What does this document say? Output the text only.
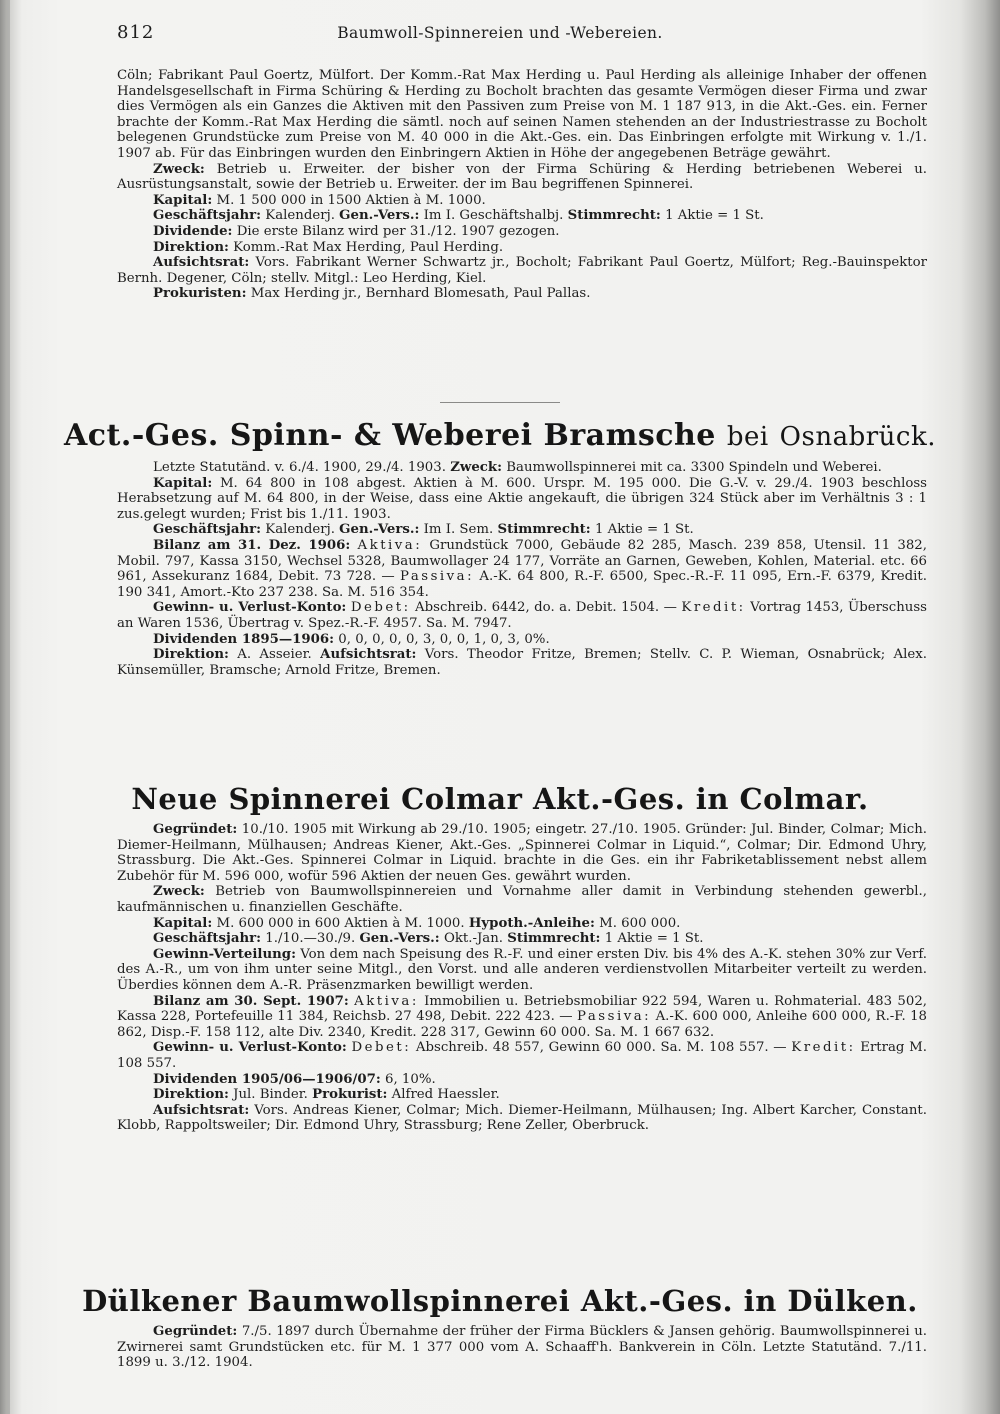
812	Baumwoll-Spinnereien und -Webereien.

Cöln; Fabrikant Paul Goertz, Mülfort. Der Komm.-Rat Max Herding u. Paul Herding als alleinige Inhaber der offenen Handelsgesellschaft in Firma Schüring & Herding zu Bocholt brachten das gesamte Vermögen dieser Firma und zwar dies Vermögen als ein Ganzes die Aktiven mit den Passiven zum Preise von M. 1 187 913, in die Akt.-Ges. ein. Ferner brachte der Komm.-Rat Max Herding die sämtl. noch auf seinen Namen stehenden an der Industriestrasse zu Bocholt belegenen Grundstücke zum Preise von M. 40 000 in die Akt.-Ges. ein. Das Einbringen erfolgte mit Wirkung v. 1./1. 1907 ab. Für das Einbringen wurden den Einbringern Aktien in Höhe der angegebenen Beträge gewährt.

Zweck: Betrieb u. Erweiter. der bisher von der Firma Schüring & Herding betriebenen Weberei u. Ausrüstungsanstalt, sowie der Betrieb u. Erweiter. der im Bau begriffenen Spinnerei.

Kapital: M. 1 500 000 in 1500 Aktien à M. 1000.

Geschäftsjahr: Kalenderj. Gen.-Vers.: Im I. Geschäftshalbj. Stimmrecht: 1 Aktie = 1 St.

Dividende: Die erste Bilanz wird per 31./12. 1907 gezogen.

Direktion: Komm.-Rat Max Herding, Paul Herding.

Aufsichtsrat: Vors. Fabrikant Werner Schwartz jr., Bocholt; Fabrikant Paul Goertz, Mülfort; Reg.-Bauinspektor Bernh. Degener, Cöln; stellv. Mitgl.: Leo Herding, Kiel.

Prokuristen: Max Herding jr., Bernhard Blomesath, Paul Pallas.

Act.-Ges. Spinn- & Weberei Bramsche bei Osnabrück.

Letzte Statutänd. v. 6./4. 1900, 29./4. 1903. Zweck: Baumwollspinnerei mit ca. 3300 Spindeln und Weberei.

Kapital: M. 64 800 in 108 abgest. Aktien à M. 600. Urspr. M. 195 000. Die G.-V. v. 29./4. 1903 beschloss Herabsetzung auf M. 64 800, in der Weise, dass eine Aktie angekauft, die übrigen 324 Stück aber im Verhältnis 3 : 1 zus.gelegt wurden; Frist bis 1./11. 1903.

Geschäftsjahr: Kalenderj. Gen.-Vers.: Im I. Sem. Stimmrecht: 1 Aktie = 1 St.

Bilanz am 31. Dez. 1906: Aktiva: Grundstück 7000, Gebäude 82 285, Masch. 239 858, Utensil. 11 382, Mobil. 797, Kassa 3150, Wechsel 5328, Baumwollager 24 177, Vorräte an Garnen, Geweben, Kohlen, Material. etc. 66 961, Assekuranz 1684, Debit. 73 728. — Passiva: A.-K. 64 800, R.-F. 6500, Spec.-R.-F. 11 095, Ern.-F. 6379, Kredit. 190 341, Amort.-Kto 237 238. Sa. M. 516 354.

Gewinn- u. Verlust-Konto: Debet: Abschreib. 6442, do. a. Debit. 1504. — Kredit: Vortrag 1453, Überschuss an Waren 1536, Übertrag v. Spez.-R.-F. 4957. Sa. M. 7947.

Dividenden 1895—1906: 0, 0, 0, 0, 0, 3, 0, 0, 1, 0, 3, 0%.

Direktion: A. Asseier. Aufsichtsrat: Vors. Theodor Fritze, Bremen; Stellv. C. P. Wieman, Osnabrück; Alex. Künsemüller, Bramsche; Arnold Fritze, Bremen.

Neue Spinnerei Colmar Akt.-Ges. in Colmar.

Gegründet: 10./10. 1905 mit Wirkung ab 29./10. 1905; eingetr. 27./10. 1905. Gründer: Jul. Binder, Colmar; Mich. Diemer-Heilmann, Mülhausen; Andreas Kiener, Akt.-Ges. „Spinnerei Colmar in Liquid.“, Colmar; Dir. Edmond Uhry, Strassburg. Die Akt.-Ges. Spinnerei Colmar in Liquid. brachte in die Ges. ein ihr Fabriketablissement nebst allem Zubehör für M. 596 000, wofür 596 Aktien der neuen Ges. gewährt wurden.

Zweck: Betrieb von Baumwollspinnereien und Vornahme aller damit in Verbindung stehenden gewerbl., kaufmännischen u. finanziellen Geschäfte.

Kapital: M. 600 000 in 600 Aktien à M. 1000. Hypoth.-Anleihe: M. 600 000.

Geschäftsjahr: 1./10.—30./9. Gen.-Vers.: Okt.-Jan. Stimmrecht: 1 Aktie = 1 St.

Gewinn-Verteilung: Von dem nach Speisung des R.-F. und einer ersten Div. bis 4% des A.-K. stehen 30% zur Verf. des A.-R., um von ihm unter seine Mitgl., den Vorst. und alle anderen verdienstvollen Mitarbeiter verteilt zu werden. Überdies können dem A.-R. Präsenzmarken bewilligt werden.

Bilanz am 30. Sept. 1907: Aktiva: Immobilien u. Betriebsmobiliar 922 594, Waren u. Rohmaterial. 483 502, Kassa 228, Portefeuille 11 384, Reichsb. 27 498, Debit. 222 423. — Passiva: A.-K. 600 000, Anleihe 600 000, R.-F. 18 862, Disp.-F. 158 112, alte Div. 2340, Kredit. 228 317, Gewinn 60 000. Sa. M. 1 667 632.

Gewinn- u. Verlust-Konto: Debet: Abschreib. 48 557, Gewinn 60 000. Sa. M. 108 557. — Kredit: Ertrag M. 108 557.

Dividenden 1905/06—1906/07: 6, 10%.

Direktion: Jul. Binder. Prokurist: Alfred Haessler.

Aufsichtsrat: Vors. Andreas Kiener, Colmar; Mich. Diemer-Heilmann, Mülhausen; Ing. Albert Karcher, Constant. Klobb, Rappoltsweiler; Dir. Edmond Uhry, Strassburg; Rene Zeller, Oberbruck.

Dülkener Baumwollspinnerei Akt.-Ges. in Dülken.

Gegründet: 7./5. 1897 durch Übernahme der früher der Firma Bücklers & Jansen gehörig. Baumwollspinnerei u. Zwirnerei samt Grundstücken etc. für M. 1 377 000 vom A. Schaaff'h. Bankverein in Cöln. Letzte Statutänd. 7./11. 1899 u. 3./12. 1904.
